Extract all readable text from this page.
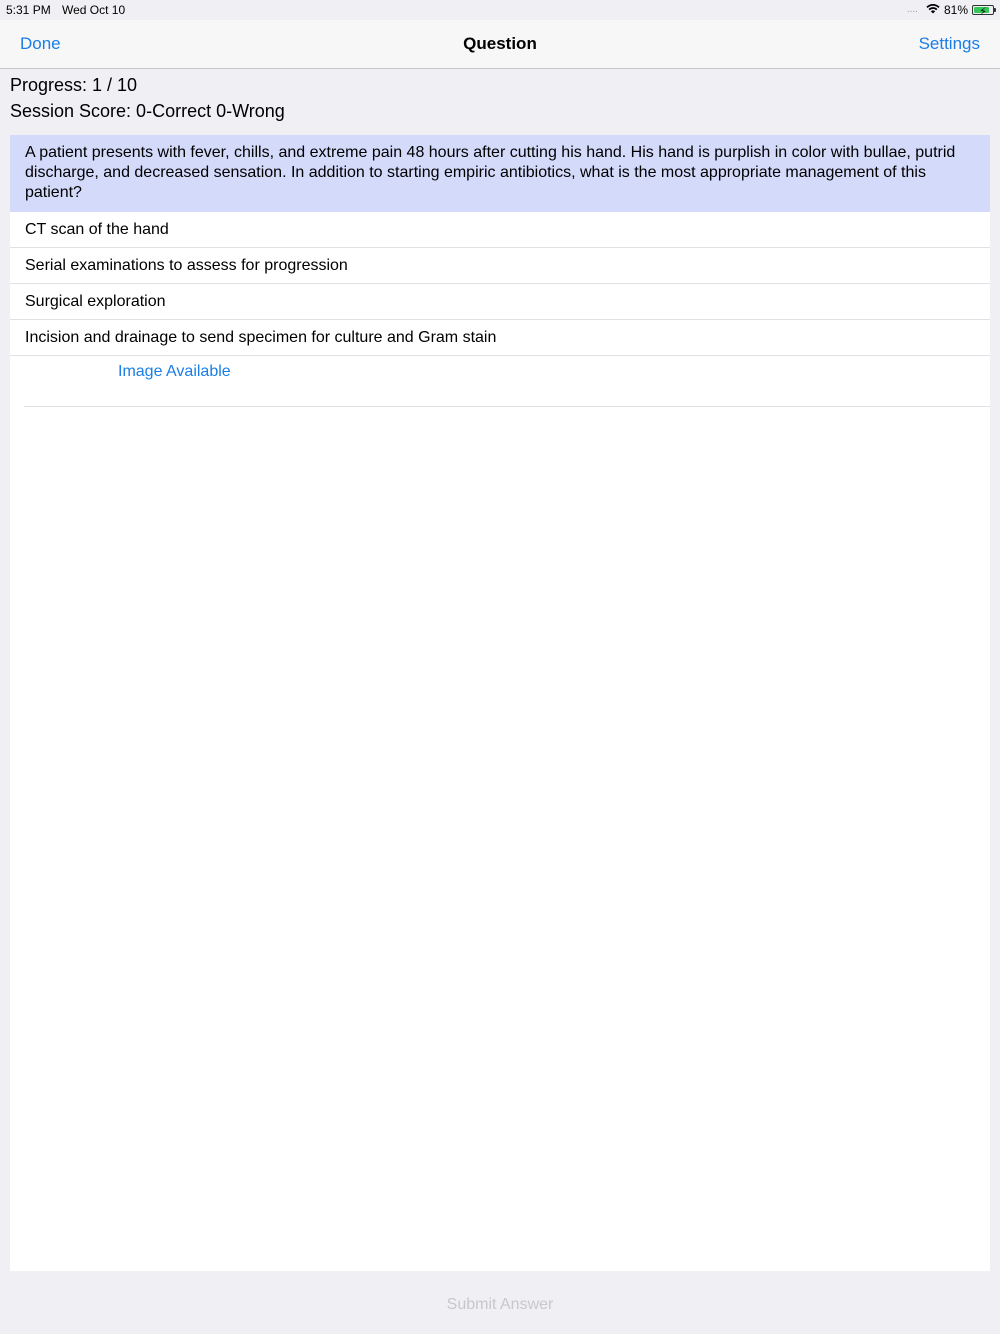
5:31 PM Wed Oct 10	.... 81%	⚡
Done	Question	Settings
Progress: 1 / 10
Session Score: 0-Correct 0-Wrong
A patient presents with fever, chills, and extreme pain 48 hours after cutting his hand. His hand is purplish in color with bullae, putrid discharge, and decreased sensation. In addition to starting empiric antibiotics, what is the most appropriate management of this patient?
CT scan of the hand
Serial examinations to assess for progression
Surgical exploration
Incision and drainage to send specimen for culture and Gram stain
Image Available
Submit Answer
